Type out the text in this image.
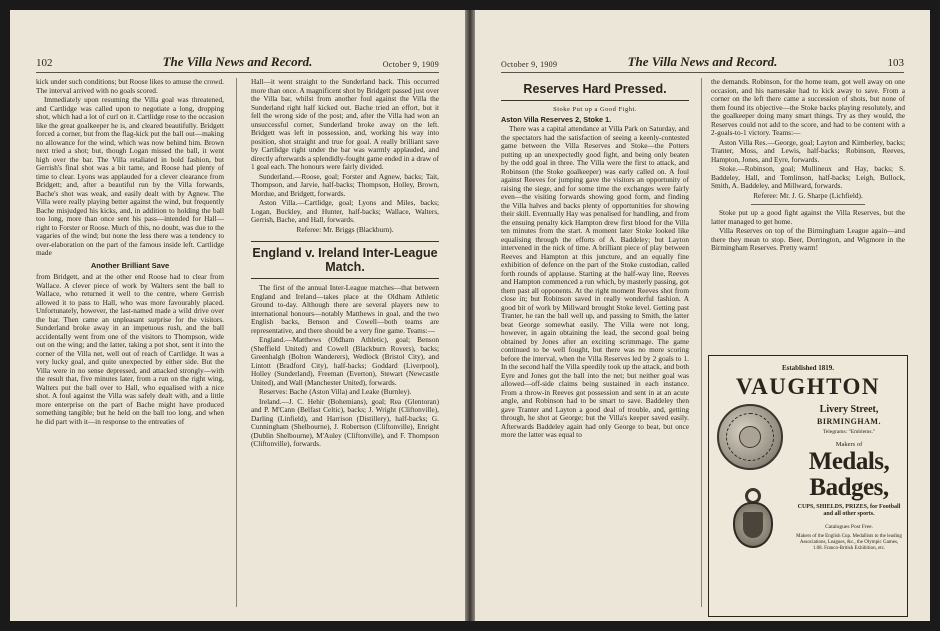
102	The Villa News and Record.	October 9, 1909

kick under such conditions; but Roose likes to amuse the crowd. The interval arrived with no goals scored.

Immediately upon resuming the Villa goal was threatened, and Cartlidge was called upon to negotiate a long, dropping shot, which had a lot of curl on it. Cartlidge rose to the occasion like the great goalkeeper he is, and cleared beautifully. Bridgett forced a corner, but from the flag-kick put the ball out—making no allowance for the wind, which was now behind him. Brown next tried a shot; but, though Logan missed the ball, it went high over the bar. The Villa retaliated in bold fashion, but Gerrish's final shot was a bit tame, and Roose had plenty of time to clear. Lyons was applauded for a clever clearance from Bridgett; and, after a beautiful run by the Villa forwards, Bache's shot was weak, and easily dealt with by Agnew. The Villa were really playing better against the wind, but frequently Bache misjudged his kicks, and, in addition to holding the ball too long, more than once sent his pass—intended for Hall—right to Forster or Roose. Much of this, no doubt, was due to the vagaries of the wind; but none the less there was a tendency to over-elaboration on the part of the famous inside left. Cartlidge made

Another Brilliant Save

from Bridgett, and at the other end Roose had to clear from Wallace. A clever piece of work by Walters sent the ball to Wallace, who returned it well to the centre, where Gerrish allowed it to pass to Hall, who was more favourably placed. Unfortunately, however, the last-named made a wild drive over the bar. Then came an unpleasant surprise for the visitors. Sunderland broke away in an impetuous rush, and the ball accidentally went from one of the visitors to Thompson, wide out on the wing; and the latter, taking a pot shot, sent it into the corner of the Villa net, well out of reach of Cartlidge. It was a very lucky goal, and quite unexpected by either side. But the Villa were in no sense depressed, and attacked strongly—with the result that, five minutes later, from a run on the right wing, Walters put the ball over to Hall, who equalised with a nice shot. A foul against the Villa was safely dealt with, and a little more enterprise on the part of Bache might have produced something tangible; but he held on the ball too long, and when he did part with it—in response to the entreaties of

Hall—it went straight to the Sunderland back. This occurred more than once. A magnificent shot by Bridgett passed just over the Villa bar, whilst from another foul against the Villa the Sunderland right half kicked out. Bache tried an effort, but it fell the wrong side of the post; and, after the Villa had won an unsuccessful corner, Sunderland broke away on the left. Bridgett was left in possession, and, working his way into position, shot straight and true for goal. A really brilliant save by Cartlidge right under the bar was warmly applauded, and directly afterwards a splendidly-fought game ended in a draw of 1 goal each. The honours were fairly divided.

Sunderland.—Roose, goal; Forster and Agnew, backs; Tait, Thompson, and Jarvie, half-backs; Thompson, Holley, Brown, Mordue, and Bridgett, forwards.

Aston Villa.—Cartlidge, goal; Lyons and Miles, backs; Logan, Buckley, and Hunter, half-backs; Wallace, Walters, Gerrish, Bache, and Hall, forwards.

Referee: Mr. Briggs (Blackburn).

England v. Ireland Inter-League Match.

The first of the annual Inter-League matches—that between England and Ireland—takes place at the Oldham Athletic Ground to-day. Although there are several players new to international honours—notably Matthews in goal, and the two English backs, Benson and Cowell—both teams are representative, and there should be a very fine game. Teams:—

England.—Matthews (Oldham Athletic), goal; Benson (Sheffield United) and Cowell (Blackburn Rovers), backs; Greenhalgh (Bolton Wanderers), Wedlock (Bristol City), and Lintott (Bradford City), half-backs; Goddard (Liverpool), Holley (Sunderland), Freeman (Everton), Stewart (Newcastle United), and Wall (Manchester United), forwards.

Reserves: Bache (Aston Villa) and Leake (Burnley).

Ireland.—J. C. Hehir (Bohemians), goal; Rea (Glentoran) and P. M'Cann (Belfast Celtic), backs; J. Wright (Cliftonville), Darling (Linfield), and Harrison (Distillery), half-backs; G. Cunningham (Shelbourne), J. Robertson (Cliftonville), Enright (Dublin Shelbourne), M'Auley (Cliftonville), and F. Thompson (Cliftonville), forwards.

October 9, 1909	The Villa News and Record.	103
Reserves Hard Pressed.
Stoke Put up a Good Fight.

Aston Villa Reserves 2, Stoke 1.

There was a capital attendance at Villa Park on Saturday, and the spectators had the satisfaction of seeing a keenly-contested game between the Villa Reserves and Stoke—the Potters putting up an unexpectedly good fight, and being only beaten by the odd goal in three. The Villa were the first to attack, and Robinson (the Stoke goalkeeper) was early called on. A foul against Reeves for jumping gave the visitors an opportunity of raising the siege, and for some time the exchanges were fairly even—the visiting forwards showing good form, and finding the Villa halves and backs plenty of opportunities for showing their skill. Eventually Hay was penalised for handling, and from the ensuing penalty kick Hampton drew first blood for the Villa ten minutes from the start. A moment later Stoke looked like equalising through the efforts of A. Baddeley; but Layton intervened in the nick of time. A brilliant piece of play between Reeves and Hampton at this juncture, and an equally fine exhibition of defence on the part of the Stoke custodian, called forth rounds of applause. Starting at the half-way line, Reeves and Hampton commenced a run which, by masterly passing, got them past all opponents. At the right moment Reeves shot from close in; but Robinson saved in really wonderful fashion. A good bit of work by Millward brought Stoke level. Getting past Tranter, he ran the ball well up, and passing to Smith, the latter beat George somewhat easily. The Villa were not long, however, in again obtaining the lead, the second goal being obtained by Jones after an exciting scrimmage. The game continued to be well fought, but there was no more scoring before the interval, when the Villa Reserves led by 2 goals to 1. In the second half the Villa speedily took up the attack, and both Eyre and Jones got the ball into the net; but neither goal was allowed—off-side claims being sustained in each instance. From a throw-in Reeves got possession and sent in at an acute angle, and Robinson had to be smart to save. Baddeley then gave Tranter and Layton a good deal of trouble, and, getting through, he shot at George; but the Villa's keeper saved easily. Afterwards Baddeley again had only George to beat, but once more the latter was equal to

the demands. Robinson, for the home team, got well away on one occasion, and his namesake had to kick away to save. From a corner on the left there came a succession of shots, but none of them found its objective—the Stoke backs playing resolutely, and the goalkeeper doing many smart things. Try as they would, the Reserves could not add to the score, and had to be content with a 2-goals-to-1 victory. Teams:—

Aston Villa Res.—George, goal; Layton and Kimberley, backs; Tranter, Moss, and Lewis, half-backs; Robinson, Reeves, Hampton, Jones, and Eyre, forwards.

Stoke.—Robinson, goal; Mullineux and Hay, backs; S. Baddeley, Hall, and Tomlinson, half-backs; Leigh, Bullock, Smith, A. Baddeley, and Millward, forwards.

Referee: Mr. J. G. Sharpe (Lichfield).

Stoke put up a good fight against the Villa Reserves, but the latter managed to get home.

Villa Reserves on top of the Birmingham League again—and there they mean to stop. Beer, Dorrington, and Wigmore in the Birmingham Reserves. Pretty warm!

Established 1819.
VAUGHTON
Livery Street,
BIRMINGHAM.
Telegrams: "Emblems."
Makers of
Medals,
Badges,
CUPS, SHIELDS, PRIZES, for Football and all other sports.
Catalogues Post Free.
Makers of the English Cup. Medallists to the leading Associations, Leagues, &c., the Olympic Games, 1.08. Franco-British Exhibition, etc.
